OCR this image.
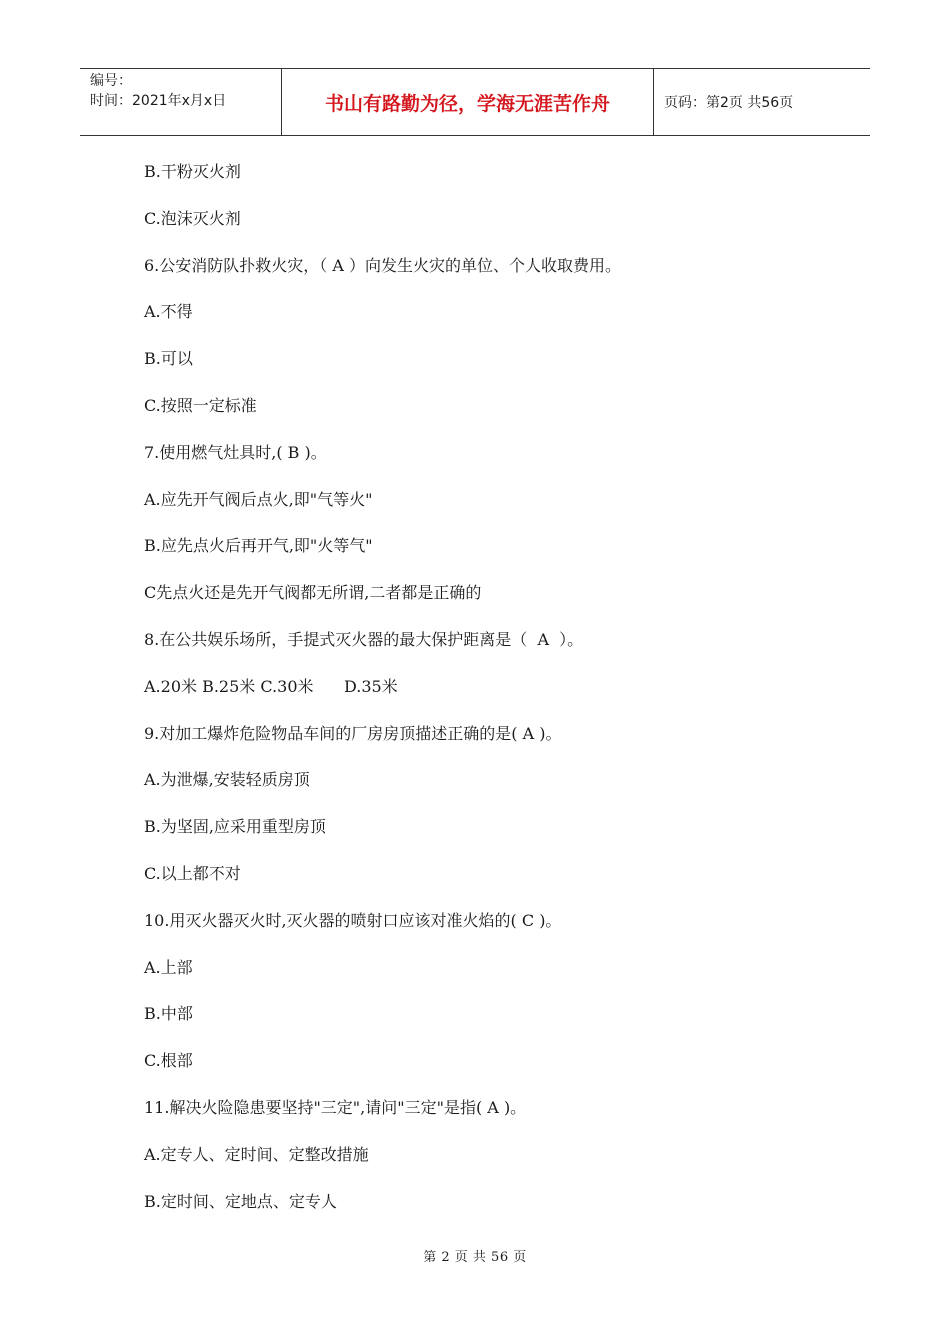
编号：
时间：2021年x月x日	书山有路勤为径，学海无涯苦作舟	页码：第2页 共56页
B.干粉灭火剂
C.泡沫灭火剂
6.公安消防队扑救火灾，（ A ）向发生火灾的单位、个人收取费用。
A.不得
B.可以
C.按照一定标准
7.使用燃气灶具时,( B )。
A.应先开气阀后点火,即"气等火"
B.应先点火后再开气,即"火等气"
C先点火还是先开气阀都无所谓,二者都是正确的
8.在公共娱乐场所，手提式灭火器的最大保护距离是（  A  ）。
A.20米 B.25米 C.30米      D.35米
9.对加工爆炸危险物品车间的厂房房顶描述正确的是( A )。
A.为泄爆,安装轻质房顶
B.为坚固,应采用重型房顶
C.以上都不对
10.用灭火器灭火时,灭火器的喷射口应该对准火焰的( C )。
A.上部
B.中部
C.根部
11.解决火险隐患要坚持"三定",请问"三定"是指( A )。
A.定专人、定时间、定整改措施
B.定时间、定地点、定专人
第 2 页 共 56 页
